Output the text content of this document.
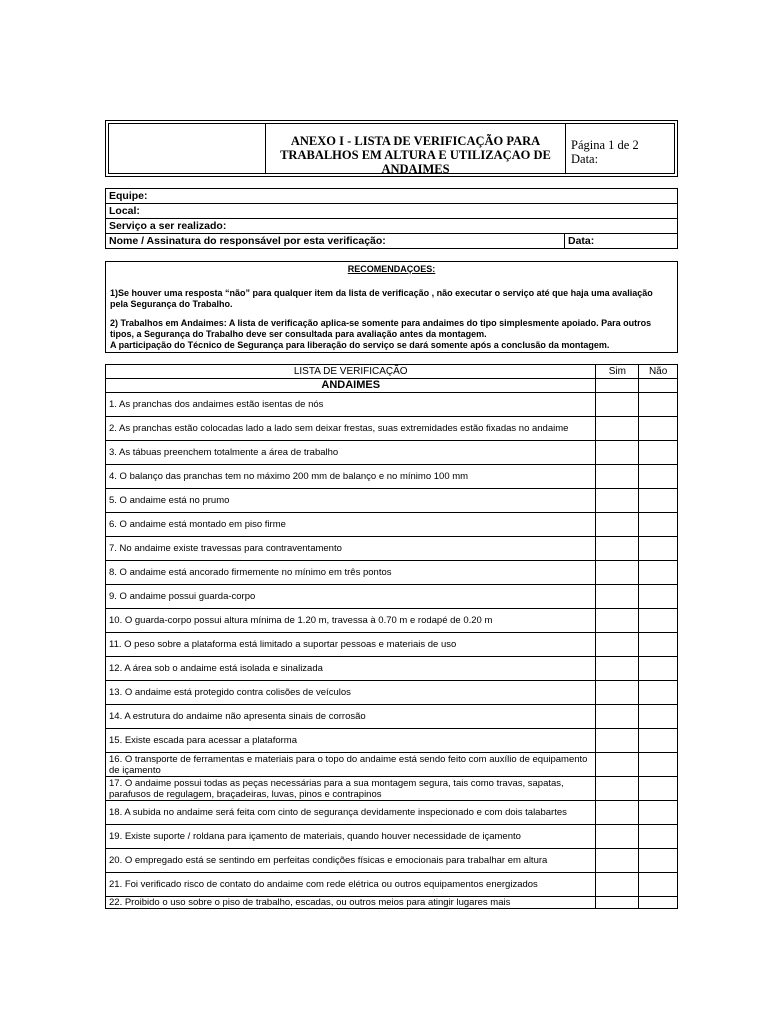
ANEXO I - LISTA DE VERIFICAÇÃO PARA
TRABALHOS EM ALTURA E UTILIZAÇAO DE
ANDAIMES
Página 1 de 2
Data:
Equipe:
Local:
Serviço a ser realizado:
Nome / Assinatura do responsável por esta verificação:	Data:
RECOMENDAÇOES:
1)Se houver uma resposta “não” para qualquer item da lista de verificação , não executar o serviço até que haja uma avaliação pela Segurança do Trabalho.
2) Trabalhos em Andaimes: A lista de verificação aplica-se somente para andaimes do tipo simplesmente apoiado. Para outros tipos, a Segurança do Trabalho deve ser consultada para avaliação antes da montagem.
A participação do Técnico de Segurança para liberação do serviço se dará somente após a conclusão da montagem.
LISTA DE VERIFICAÇÃO	Sim	Não
ANDAIMES		
1. As pranchas dos andaimes estão isentas de nós		
2. As pranchas estão colocadas lado a lado sem deixar frestas, suas extremidades estão fixadas no andaime		
3. As tábuas preenchem totalmente a área de trabalho		
4. O balanço das pranchas tem no máximo 200 mm de balanço e no mínimo 100 mm		
5. O andaime está no prumo		
6. O andaime está montado em piso firme		
7. No andaime existe travessas para contraventamento		
8. O andaime está ancorado firmemente no mínimo em três pontos		
9. O andaime possui guarda-corpo		
10. O guarda-corpo possui altura mínima de 1.20 m, travessa à 0.70 m e rodapé de 0.20 m		
11. O peso sobre a plataforma está limitado a suportar pessoas e materiais de uso		
12. A área sob o andaime está isolada e sinalizada		
13. O andaime está protegido contra colisões de veículos		
14. A estrutura do andaime não apresenta sinais de corrosão		
15. Existe escada para acessar a plataforma		
16. O transporte de ferramentas e materiais para o topo do andaime está sendo feito com auxílio de equipamento de içamento		
17. O andaime possui todas as peças necessárias para a sua montagem segura, tais como travas, sapatas, parafusos de regulagem, braçadeiras, luvas, pinos e contrapinos		
18. A subida no andaime será feita com cinto de segurança devidamente inspecionado e com dois talabartes		
19. Existe suporte / roldana para içamento de materiais, quando houver necessidade de içamento		
20. O empregado está se sentindo em perfeitas condições físicas e emocionais para trabalhar em altura		
21. Foi verificado risco de contato do andaime com rede elétrica ou outros equipamentos energizados		
22. Proibido o uso sobre o piso de trabalho, escadas, ou outros meios para atingir lugares mais		
